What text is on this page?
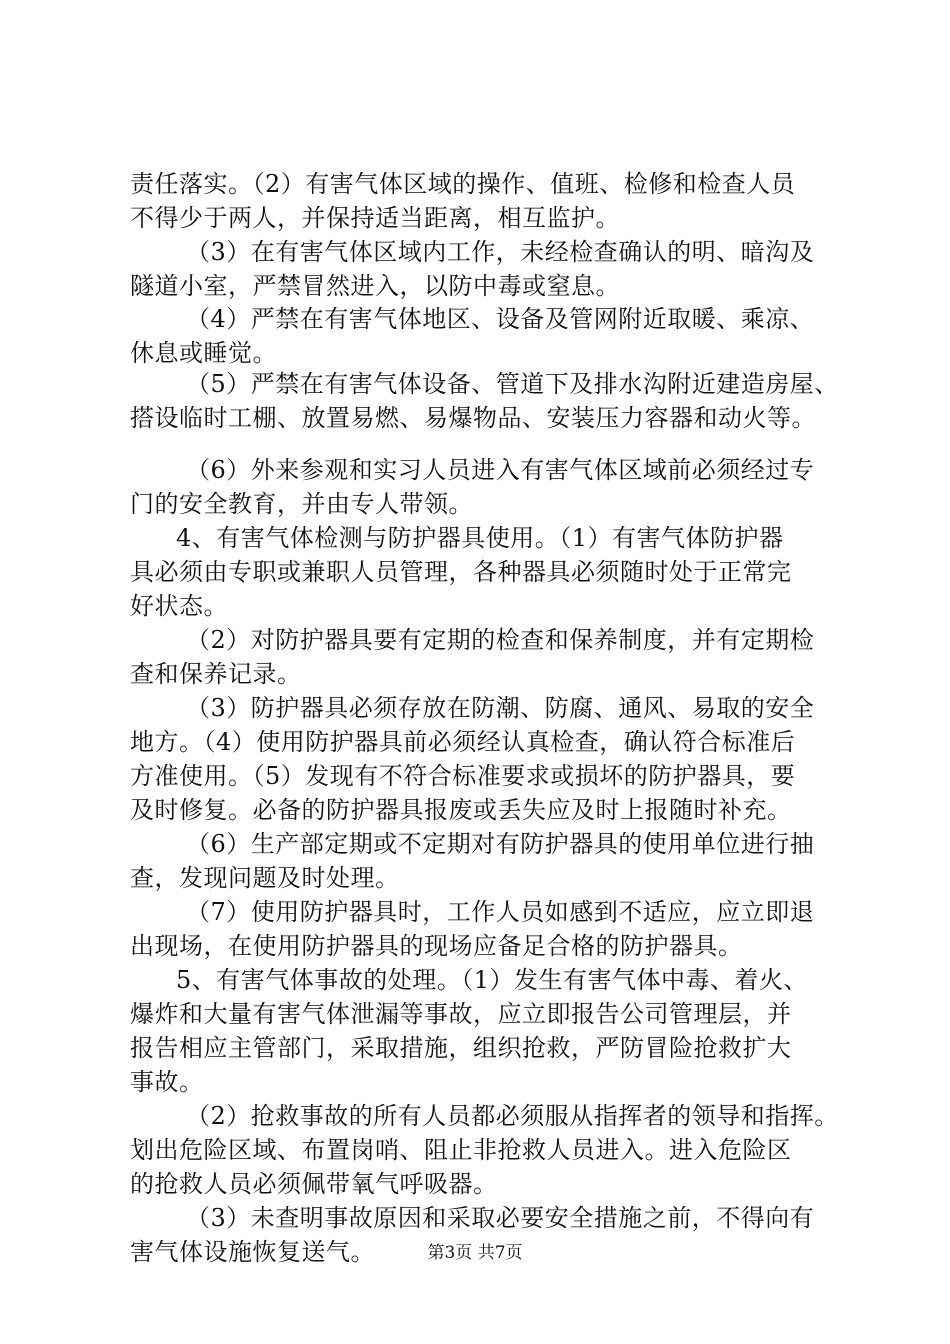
责任落实。（2）有害气体区域的操作、值班、检修和检查人员
不得少于两人，并保持适当距离，相互监护。
（3）在有害气体区域内工作，未经检查确认的明、暗沟及
隧道小室，严禁冒然进入，以防中毒或窒息。
（4）严禁在有害气体地区、设备及管网附近取暖、乘凉、
休息或睡觉。
（5）严禁在有害气体设备、管道下及排水沟附近建造房屋、
搭设临时工棚、放置易燃、易爆物品、安装压力容器和动火等。
（6）外来参观和实习人员进入有害气体区域前必须经过专
门的安全教育，并由专人带领。
4、有害气体检测与防护器具使用。（1）有害气体防护器
具必须由专职或兼职人员管理，各种器具必须随时处于正常完
好状态。
（2）对防护器具要有定期的检查和保养制度，并有定期检
查和保养记录。
（3）防护器具必须存放在防潮、防腐、通风、易取的安全
地方。（4）使用防护器具前必须经认真检查，确认符合标准后
方准使用。（5）发现有不符合标准要求或损坏的防护器具，要
及时修复。必备的防护器具报废或丢失应及时上报随时补充。
（6）生产部定期或不定期对有防护器具的使用单位进行抽
查，发现问题及时处理。
（7）使用防护器具时，工作人员如感到不适应，应立即退
出现场，在使用防护器具的现场应备足合格的防护器具。
5、有害气体事故的处理。（1）发生有害气体中毒、着火、
爆炸和大量有害气体泄漏等事故，应立即报告公司管理层，并
报告相应主管部门，采取措施，组织抢救，严防冒险抢救扩大
事故。
（2）抢救事故的所有人员都必须服从指挥者的领导和指挥。
划出危险区域、布置岗哨、阻止非抢救人员进入。进入危险区
的抢救人员必须佩带氧气呼吸器。
（3）未查明事故原因和采取必要安全措施之前，不得向有
害气体设施恢复送气。	第3页 共7页
